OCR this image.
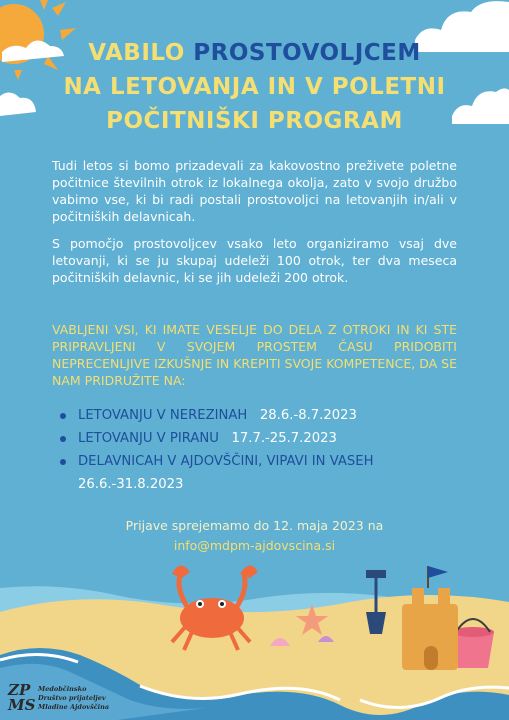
VABILO PROSTOVOLJCEM
NA LETOVANJA IN V POLETNI
POČITNIŠKI PROGRAM
Tudi letos si bomo prizadevali za kakovostno preživete poletne počitnice številnih otrok iz lokalnega okolja, zato v svojo družbo vabimo vse, ki bi radi postali prostovoljci na letovanjih in/ali v počitniških delavnicah.
S pomočjo prostovoljcev vsako leto organiziramo vsaj dve letovanji, ki se ju skupaj udeleži 100 otrok, ter dva meseca počitniških delavnic, ki se jih udeleži 200 otrok.
VABLJENI VSI, KI IMATE VESELJE DO DELA Z OTROKI IN KI STE PRIPRAVLJENI V SVOJEM PROSTEM ČASU PRIDOBITI NEPRECENLJIVE IZKUŠNJE IN KREPITI SVOJE KOMPETENCE, DA SE NAM PRIDRUŽITE NA:
LETOVANJU V NEREZINAH 28.6.-8.7.2023
LETOVANJU V PIRANU 17.7.-25.7.2023
DELAVNICAH V AJDOVŠČINI, VIPAVI IN VASEH
26.6.-31.8.2023
Prijave sprejemamo do 12. maja 2023 na
info@mdpm-ajdovscina.si
ZP
MS
Medobčinsko
Društvo prijateljev
Mladine Ajdovščina
